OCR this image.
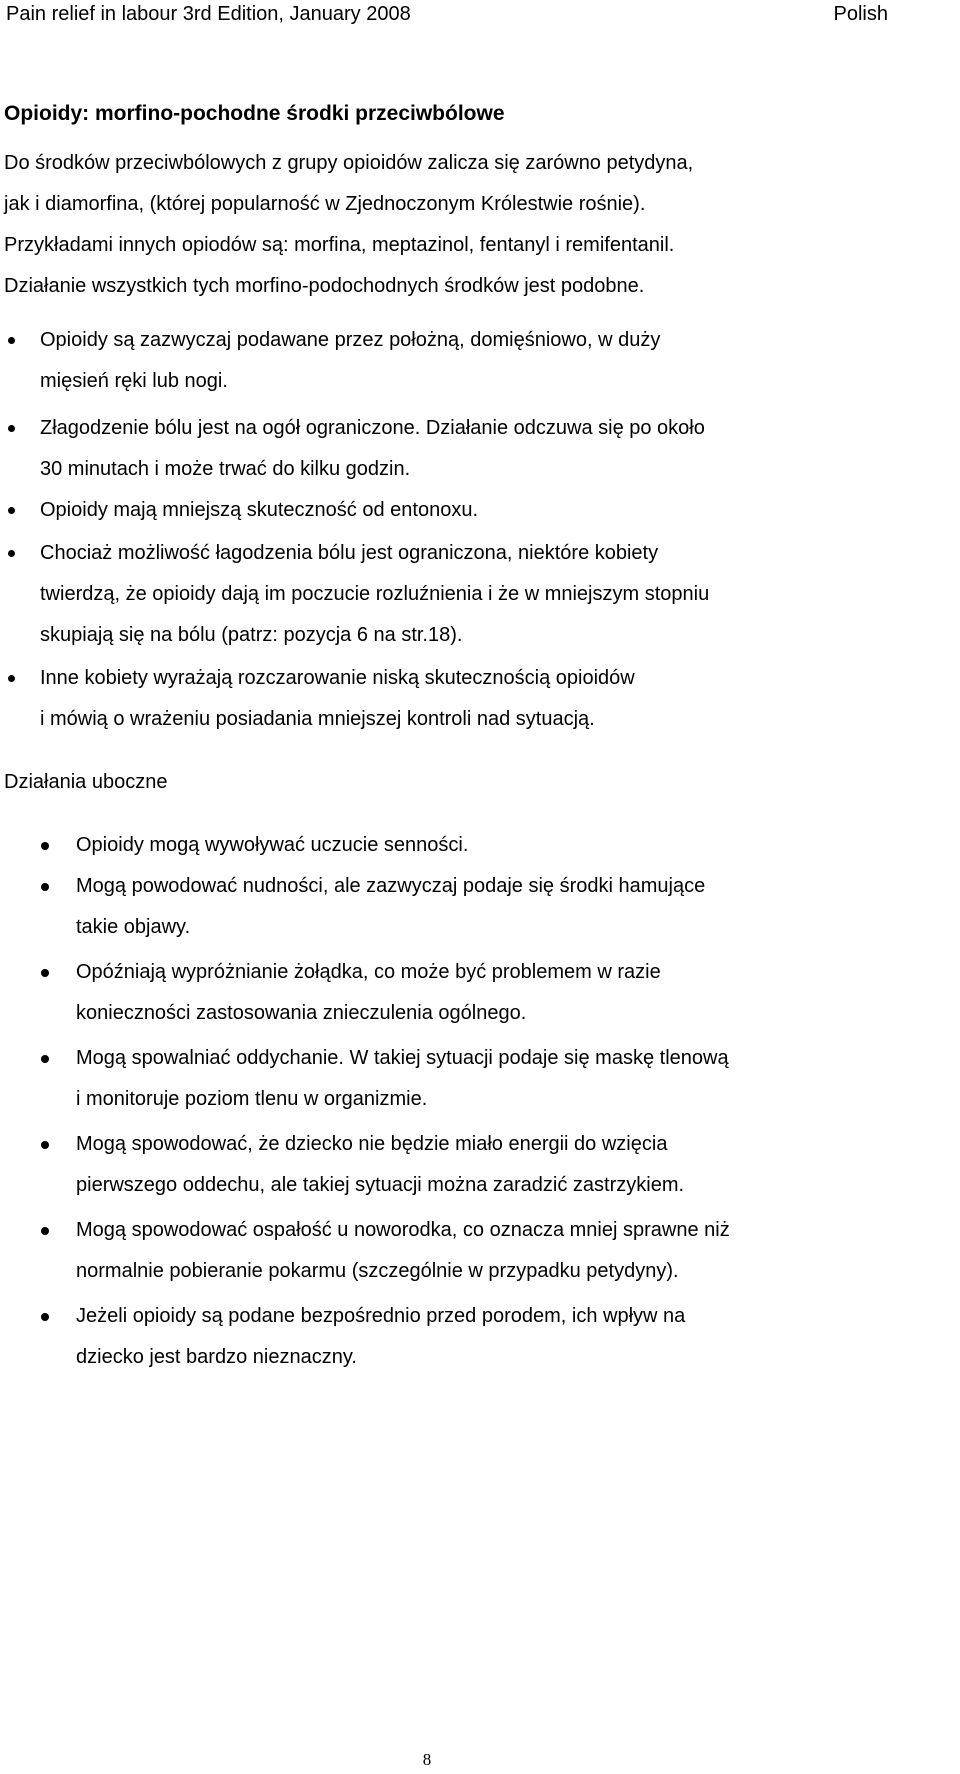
Pain relief in labour 3rd Edition, January 2008	Polish
Opioidy: morfino-pochodne środki przeciwbólowe
Do środków przeciwbólowych z grupy opioidów zalicza się zarówno petydyna,
jak i diamorfina, (której popularność w Zjednoczonym Królestwie rośnie).
Przykładami innych opiodów są: morfina, meptazinol, fentanyl i remifentanil.
Działanie wszystkich tych morfino-podochodnych środków jest podobne.
Opioidy są zazwyczaj podawane przez położną, domięśniowo, w duży
mięsień ręki lub nogi.
Złagodzenie bólu jest na ogół ograniczone. Działanie odczuwa się po około
30 minutach i może trwać do kilku godzin.
Opioidy mają mniejszą skuteczność od entonoxu.
Chociaż możliwość łagodzenia bólu jest ograniczona, niektóre kobiety
twierdzą, że opioidy dają im poczucie rozluźnienia i że w mniejszym stopniu
skupiają się na bólu (patrz: pozycja 6 na str.18).
Inne kobiety wyrażają rozczarowanie niską skutecznością opioidów
i mówią o wrażeniu posiadania mniejszej kontroli nad sytuacją.
Działania uboczne
Opioidy mogą wywoływać uczucie senności.
Mogą powodować nudności, ale zazwyczaj podaje się środki hamujące
takie objawy.
Opóźniają wypróżnianie żołądka, co może być problemem w razie
konieczności zastosowania znieczulenia ogólnego.
Mogą spowalniać oddychanie. W takiej sytuacji podaje się maskę tlenową
i monitoruje poziom tlenu w organizmie.
Mogą spowodować, że dziecko nie będzie miało energii do wzięcia
pierwszego oddechu, ale takiej sytuacji można zaradzić zastrzykiem.
Mogą spowodować ospałość u noworodka, co oznacza mniej sprawne niż
normalnie pobieranie pokarmu (szczególnie w przypadku petydyny).
Jeżeli opioidy są podane bezpośrednio przed porodem, ich wpływ na
dziecko jest bardzo nieznaczny.
8
